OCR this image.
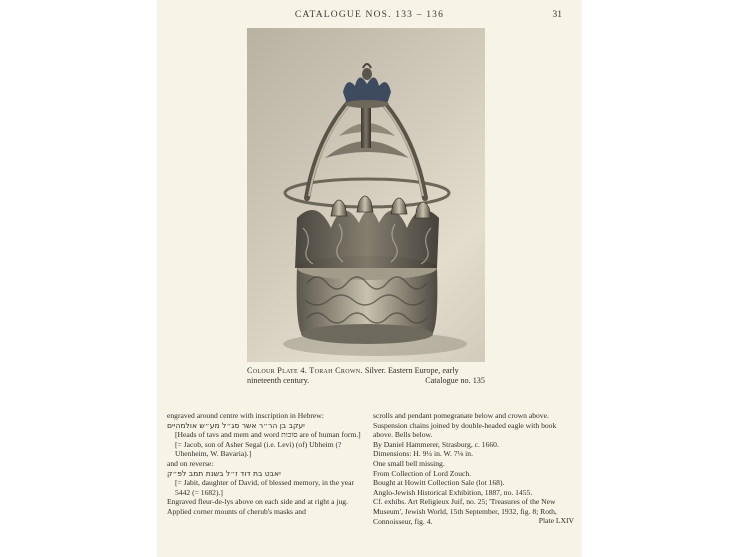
CATALOGUE NOS. 133 – 136	31
Colour Plate 4. Torah Crown. Silver. Eastern Europe, early
nineteenth century.	Catalogue no. 135

engraved around centre with inscription in Hebrew:

יעקב בן הר״ר אשר סג״ל מע״ש אולמהיים

[Heads of tavs and mem and word סוכות are of human form.]

[= Jacob, son of Asher Segal (i.e. Levi) (of) Ubheim (? Uhenheim, W. Bavaria).]

and on reverse:

יאבט בת דוד ז״ל בשנת תמב לפ״ק

[= Jabit, daughter of David, of blessed memory, in the year 5442 (= 1682).]

Engraved fleur-de-lys above on each side and at right a jug. Applied corner mounts of cherub's masks and

scrolls and pendant pomegranate below and crown above. Suspension chains joined by double-headed eagle with book above. Bells below.

By Daniel Hammerer, Strasburg, c. 1660.

Dimensions: H. 9¼ in. W. 7⅛ in.

One small bell missing.

From Collection of Lord Zouch.

Bought at Howitt Collection Sale (lot 168).

Anglo-Jewish Historical Exhibition, 1887, no. 1455.

Cf. exhibs. Art Religieux Juif, no. 25; 'Treasures of the New Museum', Jewish World, 15th September, 1932, fig. 8; Roth, Connoisseur, fig. 4.	Plate LXIV
